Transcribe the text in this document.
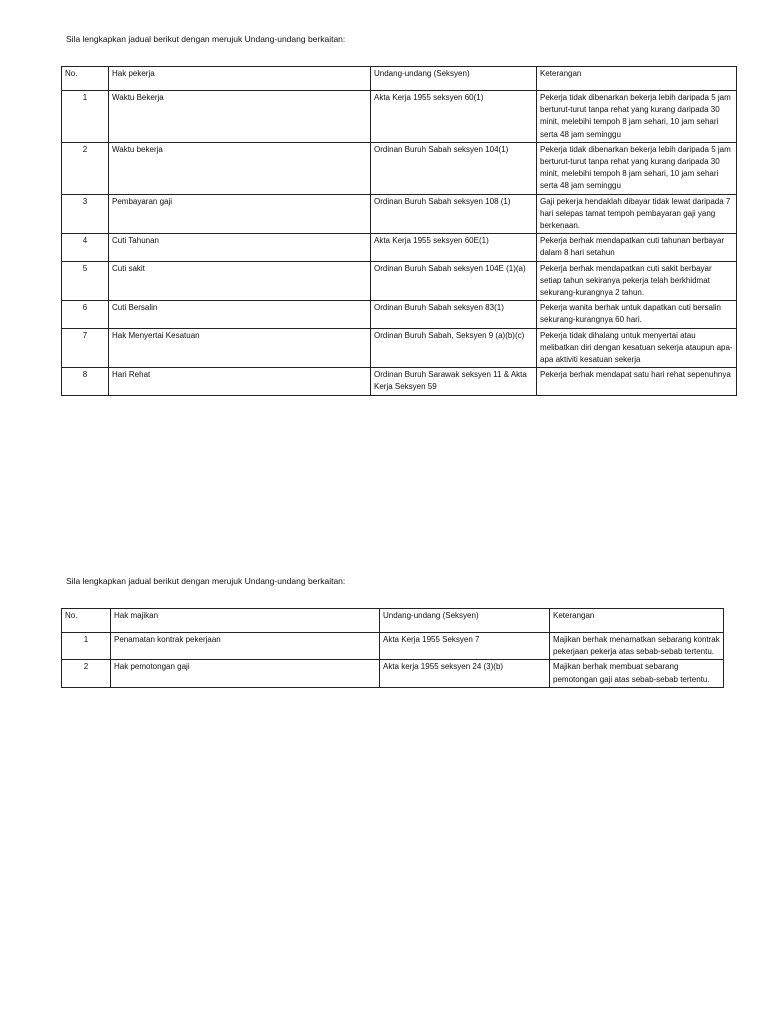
Sila lengkapkan jadual berikut dengan merujuk Undang-undang berkaitan:
No.	Hak pekerja	Undang-undang (Seksyen)	Keterangan
1	Waktu Bekerja	Akta Kerja 1955 seksyen 60(1)	Pekerja tidak dibenarkan bekerja lebih daripada 5 jam berturut-turut tanpa rehat yang kurang daripada 30 minit, melebihi tempoh 8 jam sehari, 10 jam sehari serta 48 jam seminggu
2	Waktu bekerja	Ordinan Buruh Sabah seksyen 104(1)	Pekerja tidak dibenarkan bekerja lebih daripada 5 jam berturut-turut tanpa rehat yang kurang daripada 30 minit, melebihi tempoh 8 jam sehari, 10 jam sehari serta 48 jam seminggu
3	Pembayaran gaji	Ordinan Buruh Sabah seksyen 108 (1)	Gaji pekerja hendaklah dibayar tidak lewat daripada 7 hari selepas tamat tempoh pembayaran gaji yang berkenaan.
4	Cuti Tahunan	Akta Kerja 1955 seksyen 60E(1)	Pekerja berhak mendapatkan cuti tahunan berbayar dalam 8 hari setahun
5	Cuti sakit	Ordinan Buruh Sabah seksyen 104E (1)(a)	Pekerja berhak mendapatkan cuti sakit berbayar setiap tahun sekiranya pekerja telah berkhidmat sekurang-kurangnya 2 tahun.
6	Cuti Bersalin	Ordinan Buruh Sabah seksyen 83(1)	Pekerja wanita berhak untuk dapatkan cuti bersalin sekurang-kurangnya 60 hari.
7	Hak Menyertai Kesatuan	Ordinan Buruh Sabah, Seksyen 9 (a)(b)(c)	Pekerja tidak dihalang untuk menyertai atau melibatkan diri dengan kesatuan sekerja ataupun apa-apa aktiviti kesatuan sekerja
8	Hari Rehat	Ordinan Buruh Sarawak seksyen 11 & Akta Kerja Seksyen 59	Pekerja berhak mendapat satu hari rehat sepenuhnya
Sila lengkapkan jadual berikut dengan merujuk Undang-undang berkaitan:
No.	Hak majikan	Undang-undang (Seksyen)	Keterangan
1	Penamatan kontrak pekerjaan	Akta Kerja 1955 Seksyen 7	Majikan berhak menamatkan sebarang kontrak pekerjaan pekerja atas sebab-sebab tertentu.
2	Hak pemotongan gaji	Akta kerja 1955 seksyen 24 (3)(b)	Majikan berhak membuat sebarang pemotongan gaji atas sebab-sebab tertentu.
